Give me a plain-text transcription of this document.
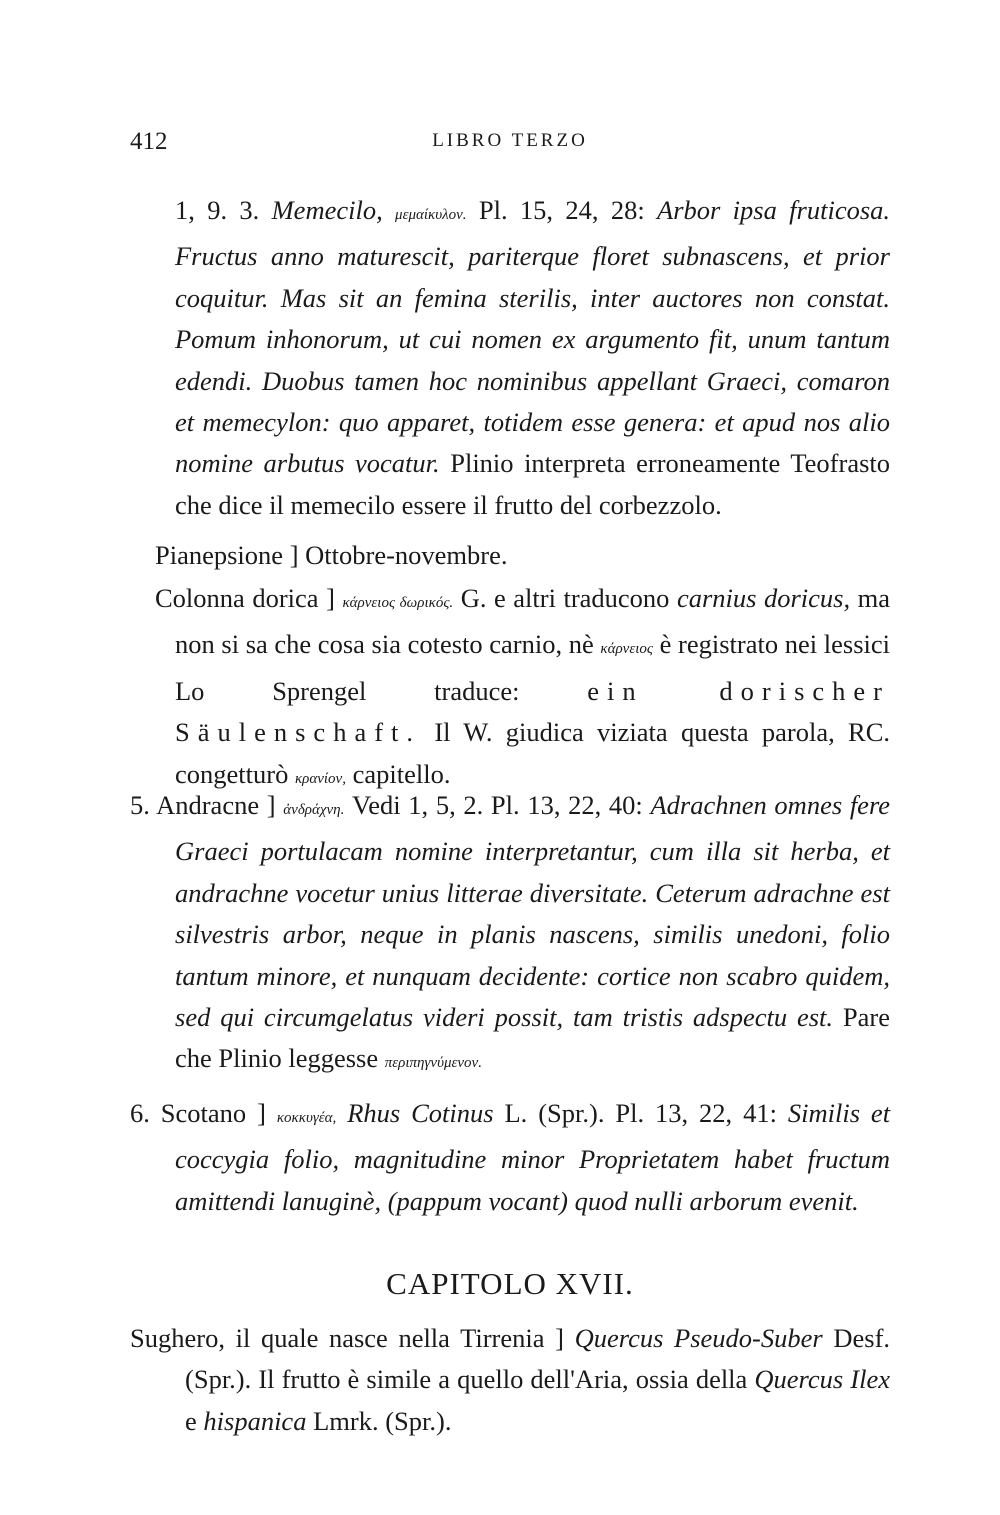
412	LIBRO TERZO

1, 9. 3. Memecilo, μεμαίκυλον. Pl. 15, 24, 28: Arbor ipsa fruticosa. Fructus anno maturescit, pariterque floret subnascens, et prior coquitur. Mas sit an femina sterilis, inter auctores non constat. Pomum inhonorum, ut cui nomen ex argumento fit, unum tantum edendi. Duobus tamen hoc nominibus appellant Graeci, comaron et memecylon: quo apparet, totidem esse genera: et apud nos alio nomine arbutus vocatur. Plinio interpreta erroneamente Teofrasto che dice il memecilo essere il frutto del corbezzolo.

Pianepsione ] Ottobre-novembre.

Colonna dorica ] κάρνειος δωρικός. G. e altri traducono carnius doricus, ma non si sa che cosa sia cotesto carnio, nè κάρνειος è registrato nei lessici Lo Sprengel traduce:	ein dorischer Säulenschaft. Il W. giudica viziata questa parola, RC. congetturò κρανίον, capitello.

5. Andracne ] ἀνδράχνη. Vedi 1, 5, 2. Pl. 13, 22, 40: Adrachnen omnes fere Graeci portulacam nomine interpretantur, cum illa sit herba, et andrachne vocetur unius litterae diversitate. Ceterum adrachne est silvestris arbor, neque in planis nascens, similis unedoni, folio tantum minore, et nunquam decidente: cortice non scabro quidem, sed qui circumgelatus videri possit, tam tristis adspectu est. Pare che Plinio leggesse περιπηγνύμενον.

6. Scotano ] κοκκυγέα, Rhus Cotinus L. (Spr.). Pl. 13, 22, 41: Similis et coccygia folio, magnitudine minor Proprietatem habet fructum amittendi lanuginè, (pappum vocant) quod nulli arborum evenit.

CAPITOLO XVII.

Sughero, il quale nasce nella Tirrenia ] Quercus Pseudo-Suber Desf. (Spr.). Il frutto è simile a quello dell'Aria, ossia della Quercus Ilex e hispanica Lmrk. (Spr.).
